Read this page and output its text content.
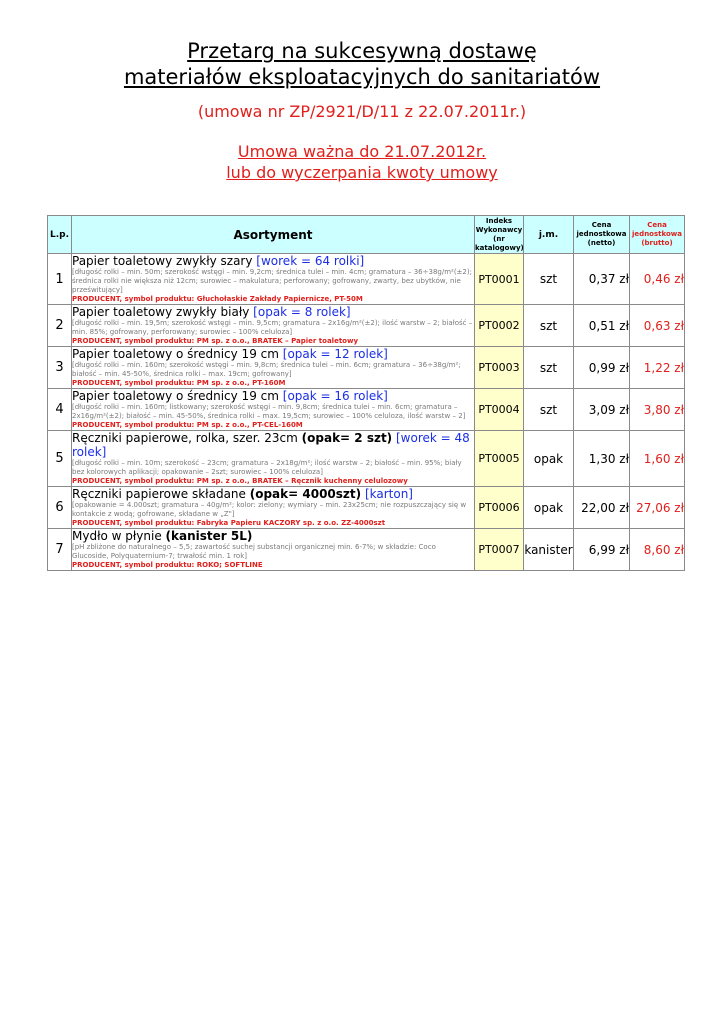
Przetarg na sukcesywną dostawę
materiałów eksploatacyjnych do sanitariatów
(umowa nr ZP/2921/D/11 z 22.07.2011r.)
Umowa ważna do 21.07.2012r.
lub do wyczerpania kwoty umowy
L.p.	Asortyment	Indeks Wykonawcy (nr katalogowy)	j.m.	Cena jednostkowa (netto)	Cena jednostkowa (brutto)
1	Papier toaletowy zwykły szary [worek = 64 rolki]
[długość rolki – min. 50m; szerokość wstęgi – min. 9,2cm; średnica tulei – min. 4cm; gramatura – 36÷38g/m²(±2); średnica rolki nie większa niż 12cm; surowiec – makulatura; perforowany; gofrowany, zwarty, bez ubytków, nie prześwitujący]
PRODUCENT, symbol produktu: Głuchołaskie Zakłady Papiernicze, PT-50M	PT0001	szt	0,37 zł	0,46 zł
2	Papier toaletowy zwykły biały [opak = 8 rolek]
[długość rolki – min. 19,5m; szerokość wstęgi – min. 9,5cm; gramatura – 2x16g/m²(±2); ilość warstw – 2; białość – min. 85%; gofrowany, perforowany; surowiec – 100% celuloza]
PRODUCENT, symbol produktu: PM sp. z o.o., BRATEK – Papier toaletowy	PT0002	szt	0,51 zł	0,63 zł
3	Papier toaletowy o średnicy 19 cm [opak = 12 rolek]
[długość rolki – min. 160m; szerokość wstęgi – min. 9,8cm; średnica tulei – min. 6cm; gramatura – 36÷38g/m²; białość – min. 45-50%, średnica rolki – max. 19cm; gofrowany]
PRODUCENT, symbol produktu: PM sp. z o.o., PT-160M	PT0003	szt	0,99 zł	1,22 zł
4	Papier toaletowy o średnicy 19 cm [opak = 16 rolek]
[długość rolki – min. 160m; listkowany; szerokość wstęgi – min. 9,8cm; średnica tulei – min. 6cm; gramatura – 2x16g/m²(±2); białość – min. 45-50%, średnica rolki – max. 19,5cm; surowiec – 100% celuloza, ilość warstw – 2]
PRODUCENT, symbol produktu: PM sp. z o.o., PT-CEL-160M	PT0004	szt	3,09 zł	3,80 zł
5	Ręczniki papierowe, rolka, szer. 23cm (opak= 2 szt) [worek = 48 rolek]
[długość rolki – min. 10m; szerokość – 23cm; gramatura – 2x18g/m²; ilość warstw – 2; białość – min. 95%; biały bez kolorowych aplikacji; opakowanie – 2szt; surowiec – 100% celuloza]
PRODUCENT, symbol produktu: PM sp. z o.o., BRATEK – Ręcznik kuchenny celulozowy	PT0005	opak	1,30 zł	1,60 zł
6	Ręczniki papierowe składane (opak= 4000szt) [karton]
[opakowanie = 4.000szt; gramatura – 40g/m²; kolor: zielony; wymiary – min. 23x25cm; nie rozpuszczający się w kontakcie z wodą; gofrowane, składane w „Z"]
PRODUCENT, symbol produktu: Fabryka Papieru KACZORY sp. z o.o. ZZ-4000szt	PT0006	opak	22,00 zł	27,06 zł
7	Mydło w płynie (kanister 5L)
[pH zbliżone do naturalnego – 5,5; zawartość suchej substancji organicznej min. 6-7%; w składzie: Coco Glucoside, Polyquaternium-7; trwałość min. 1 rok]
PRODUCENT, symbol produktu: ROKO; SOFTLINE	PT0007	kanister	6,99 zł	8,60 zł
